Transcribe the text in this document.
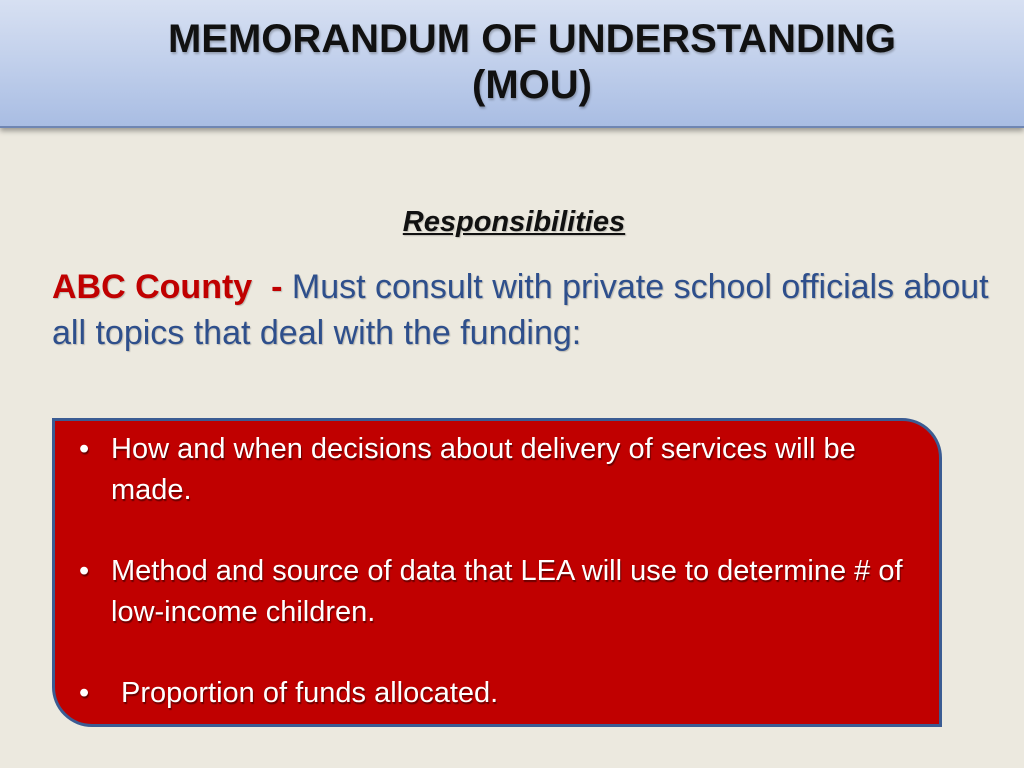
MEMORANDUM OF UNDERSTANDING
(MOU)

Responsibilities

ABC County - Must consult with private school officials about all topics that deal with the funding:

• How and when decisions about delivery of services will be made.
• Method and source of data that LEA will use to determine # of low-income children.
•	Proportion of funds allocated.
